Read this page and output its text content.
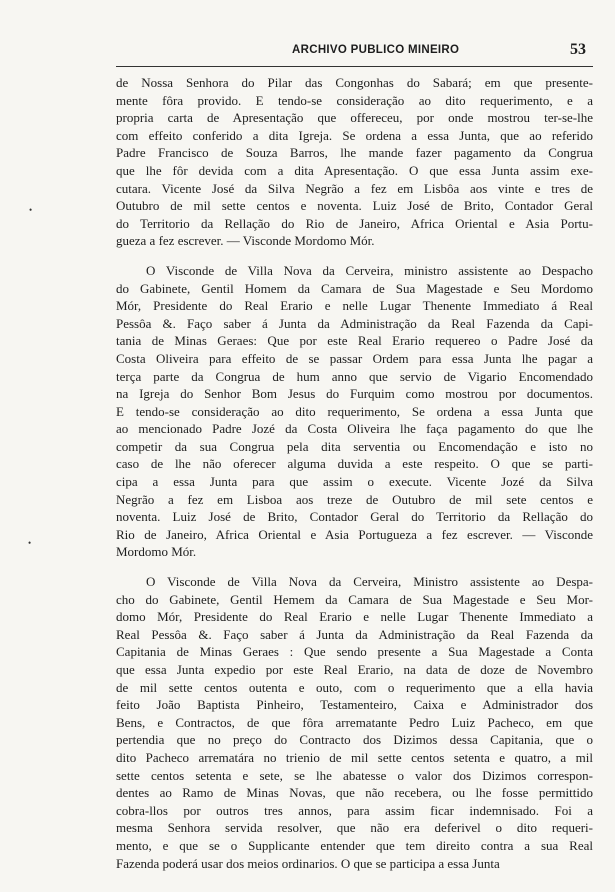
ARCHIVO PUBLICO MINEIRO	53
•
•
de Nossa Senhora do Pilar das Congonhas do Sabará; em que presente-
mente fôra provido. E tendo-se consideração ao dito requerimento, e a
propria carta de Apresentação que offereceu, por onde mostrou ter-se-lhe
com effeito conferido a dita Igreja. Se ordena a essa Junta, que ao referido
Padre Francisco de Souza Barros, lhe mande fazer pagamento da Congrua
que lhe fôr devida com a dita Apresentação. O que essa Junta assim exe-
cutara. Vicente José da Silva Negrão a fez em Lisbôa aos vinte e tres de
Outubro de mil sette centos e noventa. Luiz José de Brito, Contador Geral
do Territorio da Rellação do Rio de Janeiro, Africa Oriental e Asia Portu-
gueza a fez escrever. — Visconde Mordomo Mór.
O Visconde de Villa Nova da Cerveira, ministro assistente ao Despacho
do Gabinete, Gentil Homem da Camara de Sua Magestade e Seu Mordomo
Mór, Presidente do Real Erario e nelle Lugar Thenente Immediato á Real
Pessôa &. Faço saber á Junta da Administração da Real Fazenda da Capi-
tania de Minas Geraes: Que por este Real Erario requereo o Padre José da
Costa Oliveira para effeito de se passar Ordem para essa Junta lhe pagar a
terça parte da Congrua de hum anno que servio de Vigario Encomendado
na Igreja do Senhor Bom Jesus do Furquim como mostrou por documentos.
E tendo-se consideração ao dito requerimento, Se ordena a essa Junta que
ao mencionado Padre Jozé da Costa Oliveira lhe faça pagamento do que lhe
competir da sua Congrua pela dita serventia ou Encomendação e isto no
caso de lhe não oferecer alguma duvida a este respeito. O que se parti-
cipa a essa Junta para que assim o execute. Vicente Jozé da Silva
Negrão a fez em Lisboa aos treze de Outubro de mil sete centos e
noventa. Luiz José de Brito, Contador Geral do Territorio da Rellação do
Rio de Janeiro, Africa Oriental e Asia Portugueza a fez escrever. — Visconde
Mordomo Mór.
O Visconde de Villa Nova da Cerveira, Ministro assistente ao Despa-
cho do Gabinete, Gentil Hemem da Camara de Sua Magestade e Seu Mor-
domo Mór, Presidente do Real Erario e nelle Lugar Thenente Immediato a
Real Pessôa &. Faço saber á Junta da Administração da Real Fazenda da
Capitania de Minas Geraes : Que sendo presente a Sua Magestade a Conta
que essa Junta expedio por este Real Erario, na data de doze de Novembro
de mil sette centos outenta e outo, com o requerimento que a ella havia
feito João Baptista Pinheiro, Testamenteiro, Caixa e Administrador dos
Bens, e Contractos, de que fôra arrematante Pedro Luiz Pacheco, em que
pertendia que no preço do Contracto dos Dizimos dessa Capitania, que o
dito Pacheco arrematára no trienio de mil sette centos setenta e quatro, a mil
sette centos setenta e sete, se lhe abatesse o valor dos Dizimos correspon-
dentes ao Ramo de Minas Novas, que não recebera, ou lhe fosse permittido
cobra-llos por outros tres annos, para assim ficar indemnisado. Foi a
mesma Senhora servida resolver, que não era deferivel o dito requeri-
mento, e que se o Supplicante entender que tem direito contra a sua Real
Fazenda poderá usar dos meios ordinarios. O que se participa a essa Junta
